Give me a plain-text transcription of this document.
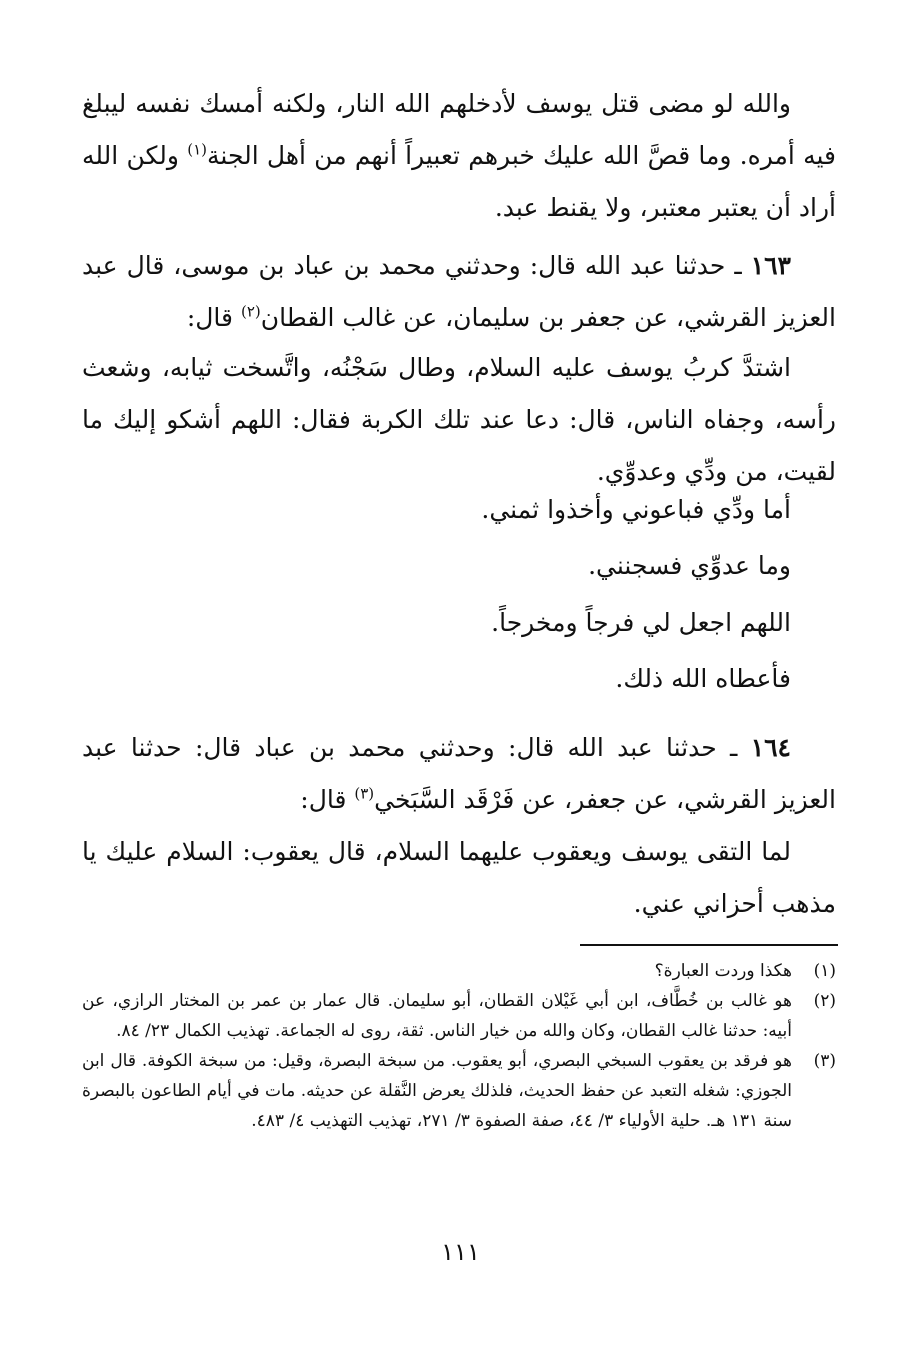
والله لو مضى قتل يوسف لأدخلهم الله النار، ولكنه أمسك نفسه ليبلغ فيه أمره. وما قصَّ الله عليك خبرهم تعبيراً أنهم من أهل الجنة$^{(١)}$ ولكن الله أراد أن يعتبر معتبر، ولا يقنط عبد.

١٦٣ ـ حدثنا عبد الله قال: وحدثني محمد بن عباد بن موسى، قال عبد العزيز القرشي، عن جعفر بن سليمان، عن غالب القطان$^{(٢)}$ قال:

اشتدَّ كربُ يوسف عليه السلام، وطال سَجْنُه، واتَّسخت ثيابه، وشعث رأسه، وجفاه الناس، قال: دعا عند تلك الكربة فقال: اللهم أشكو إليك ما لقيت، من ودِّي وعدوِّي.

أما ودِّي فباعوني وأخذوا ثمني.

وما عدوِّي فسجنني.

اللهم اجعل لي فرجاً ومخرجاً.

فأعطاه الله ذلك.

١٦٤ ـ حدثنا عبد الله قال: وحدثني محمد بن عباد قال: حدثنا عبد العزيز القرشي، عن جعفر، عن فَرْقَد السَّبَخي$^{(٣)}$ قال:

لما التقى يوسف ويعقوب عليهما السلام، قال يعقوب: السلام عليك يا مذهب أحزاني عني.

(١)
هكذا وردت العبارة؟
(٢)
هو غالب بن خُطَّاف، ابن أبي غَيْلان القطان، أبو سليمان. قال عمار بن عمر بن المختار الرازي، عن أبيه: حدثنا غالب القطان، وكان والله من خيار الناس. ثقة، روى له الجماعة. تهذيب الكمال ٢٣/ ٨٤.
(٣)
هو فرقد بن يعقوب السبخي البصري، أبو يعقوب. من سبخة البصرة، وقيل: من سبخة الكوفة. قال ابن الجوزي: شغله التعبد عن حفظ الحديث، فلذلك يعرض النَّقلة عن حديثه. مات في أيام الطاعون بالبصرة سنة ١٣١ هـ. حلية الأولياء ٣/ ٤٤، صفة الصفوة ٣/ ٢٧١، تهذيب التهذيب ٤/ ٤٨٣.
١١١
